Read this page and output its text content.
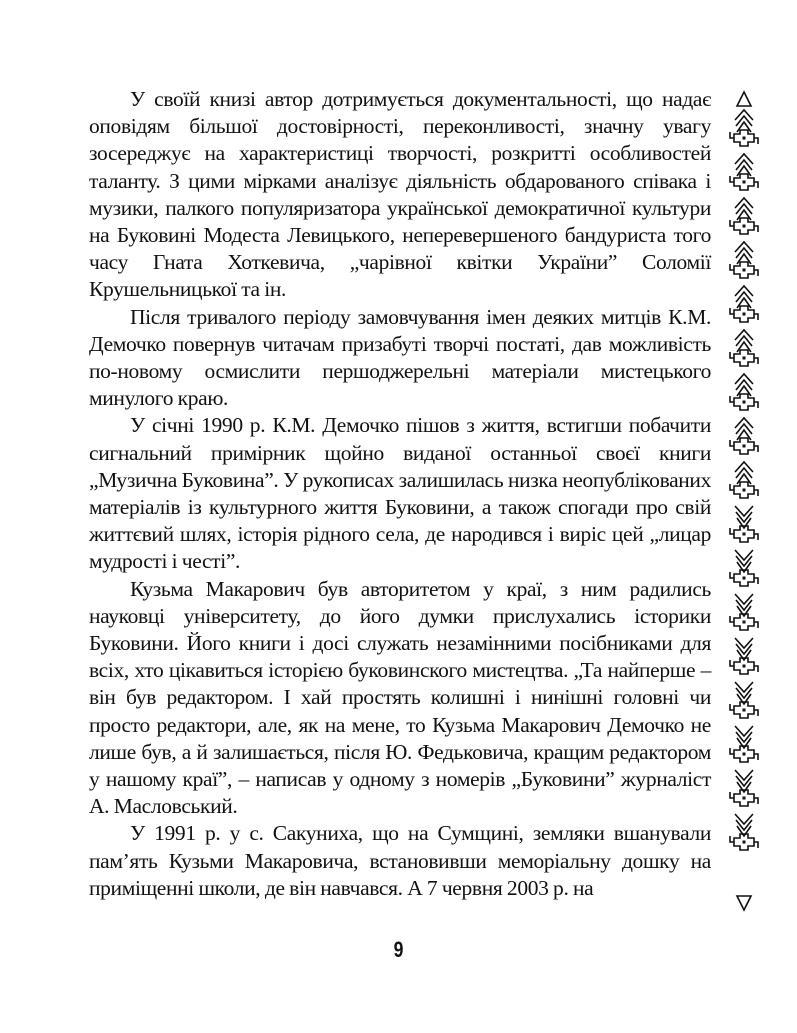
У своїй книзі автор дотримується документальності, що надає оповідям більшої достовірності, переконливості, значну увагу зосереджує на характеристиці творчості, розкритті особливостей таланту. З цими мірками аналізує діяльність обдарованого співака і музики, палкого популяризатора української демократичної культури на Буковині Модеста Левицького, неперевершеного бандуриста того часу Гната Хоткевича, „чарівної квітки України” Соломії Крушельницької та ін.

Після тривалого періоду замовчування імен деяких митців К.М. Демочко повернув читачам призабуті творчі постаті, дав можливість по-новому осмислити першоджерельні матеріали мистецького минулого краю.

У січні 1990 р. К.М. Демочко пішов з життя, встигши побачити сигнальний примірник щойно виданої останньої своєї книги „Музична Буковина”. У рукописах залишилась низка неопублікованих матеріалів із культурного життя Буковини, а також спогади про свій життєвий шлях, історія рідного села, де народився і виріс цей „лицар мудрості і честі”.

Кузьма Макарович був авторитетом у краї, з ним радились науковці університету, до його думки прислухались історики Буковини. Його книги і досі служать незамінними посібниками для всіх, хто цікавиться історією буковинского мистецтва. „Та найперше – він був редактором. І хай простять колишні і нинішні головні чи просто редактори, але, як на мене, то Кузьма Макарович Демочко не лише був, а й залишається, після Ю. Федьковича, кращим редактором у нашому краї”, – написав у одному з номерів „Буковини” журналіст А. Масловський.

У 1991 р. у с. Сакуниха, що на Сумщині, земляки вшанували пам’ять Кузьми Макаровича, встановивши меморіальну дошку на приміщенні школи, де він навчався. А 7 червня 2003 р. на

9
